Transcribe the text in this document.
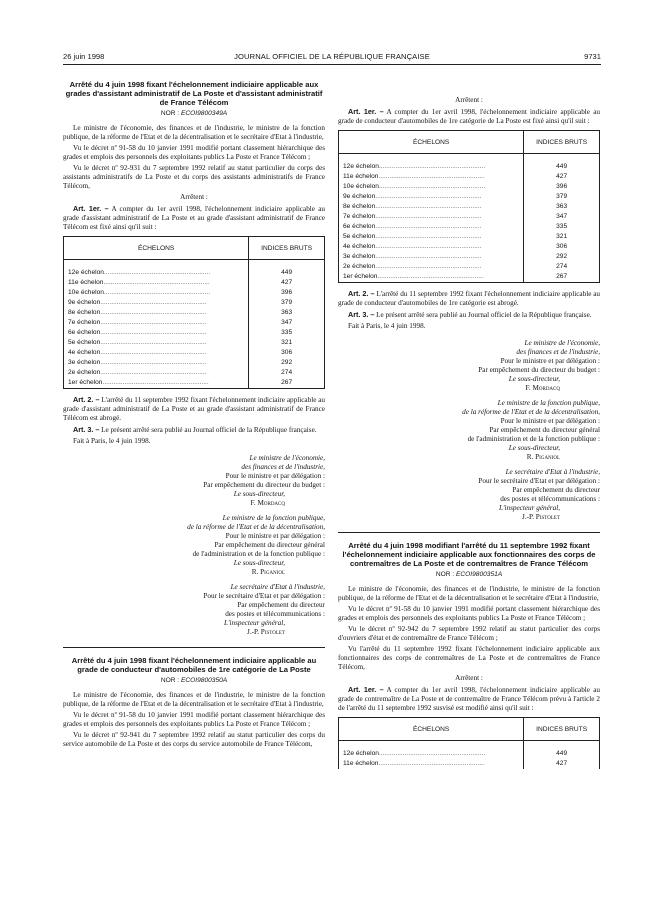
26 juin 1998	JOURNAL OFFICIEL DE LA RÉPUBLIQUE FRANÇAISE	9731
Arrêté du 4 juin 1998 fixant l'échelonnement indiciaire applicable aux grades d'assistant administratif de La Poste et d'assistant administratif de France Télécom
NOR : ECOI9800349A

Le ministre de l'économie, des finances et de l'industrie, le ministre de la fonction publique, de la réforme de l'Etat et de la décentralisation et le secrétaire d'Etat à l'industrie,

Vu le décret nº 91-58 du 10 janvier 1991 modifié portant classement hiérarchique des grades et emplois des personnels des exploitants publics La Poste et France Télécom ;

Vu le décret nº 92-931 du 7 septembre 1992 relatif au statut particulier du corps des assistants administratifs de La Poste et du corps des assistants administratifs de France Télécom,

Arrêtent :

Art. 1er. – A compter du 1er avril 1998, l'échelonnement indiciaire applicable au grade d'assistant administratif de La Poste et au grade d'assistant administratif de France Télécom est fixé ainsi qu'il suit :

ÉCHELONS	INDICES BRUTS

12e échelon..........................................................	449
11e échelon..........................................................	427
10e échelon..........................................................	396
9e échelon..........................................................	379
8e échelon..........................................................	363
7e échelon..........................................................	347
6e échelon..........................................................	335
5e échelon..........................................................	321
4e échelon..........................................................	306
3e échelon..........................................................	292
2e échelon..........................................................	274
1er échelon..........................................................	267

Art. 2. – L'arrêté du 11 septembre 1992 fixant l'échelonnement indiciaire applicable au grade d'assistant administratif de La Poste et au grade d'assistant administratif de France Télécom est abrogé.

Art. 3. – Le présent arrêté sera publié au Journal officiel de la République française.

Fait à Paris, le 4 juin 1998.

Le ministre de l'économie,

des finances et de l'industrie,

Pour le ministre et par délégation :

Par empêchement du directeur du budget :

Le sous-directeur,

F. Mordacq

Le ministre de la fonction publique,

de la réforme de l'Etat et de la décentralisation,

Pour le ministre et par délégation :

Par empêchement du directeur général

de l'administration et de la fonction publique :

Le sous-directeur,

R. Piganiol

Le secrétaire d'Etat à l'industrie,

Pour le secrétaire d'Etat et par délégation :

Par empêchement du directeur

des postes et télécommunications :

L'inspecteur général,

J.-P. Pistolet

Arrêté du 4 juin 1998 fixant l'échelonnement indiciaire applicable au grade de conducteur d'automobiles de 1re catégorie de La Poste
NOR : ECOI9800350A

Le ministre de l'économie, des finances et de l'industrie, le ministre de la fonction publique, de la réforme de l'Etat et de la décentralisation et le secrétaire d'Etat à l'industrie,

Vu le décret nº 91-58 du 10 janvier 1991 modifié portant classement hiérarchique des grades et emplois des personnels des exploitants publics La Poste et France Télécom ;

Vu le décret nº 92-941 du 7 septembre 1992 relatif au statut particulier des corps du service automobile de La Poste et des corps du service automobile de France Télécom,

Arrêtent :

Art. 1er. – A compter du 1er avril 1998, l'échelonnement indiciaire applicable au grade de conducteur d'automobiles de 1re catégorie de La Poste est fixé ainsi qu'il suit :

ÉCHELONS	INDICES BRUTS

12e échelon..........................................................	449
11e échelon..........................................................	427
10e échelon..........................................................	396
9e échelon..........................................................	379
8e échelon..........................................................	363
7e échelon..........................................................	347
6e échelon..........................................................	335
5e échelon..........................................................	321
4e échelon..........................................................	306
3e échelon..........................................................	292
2e échelon..........................................................	274
1er échelon..........................................................	267

Art. 2. – L'arrêté du 11 septembre 1992 fixant l'échelonnement indiciaire applicable au grade de conducteur d'automobiles de 1re catégorie est abrogé.

Art. 3. – Le présent arrêté sera publié au Journal officiel de la République française.

Fait à Paris, le 4 juin 1998.

Le ministre de l'économie,

des finances et de l'industrie,

Pour le ministre et par délégation :

Par empêchement du directeur du budget :

Le sous-directeur,

F. Mordacq

Le ministre de la fonction publique,

de la réforme de l'Etat et de la décentralisation,

Pour le ministre et par délégation :

Par empêchement du directeur général

de l'administration et de la fonction publique :

Le sous-directeur,

R. Piganiol

Le secrétaire d'Etat à l'industrie,

Pour le secrétaire d'Etat et par délégation :

Par empêchement du directeur

des postes et télécommunications :

L'inspecteur général,

J.-P. Pistolet

Arrêté du 4 juin 1998 modifiant l'arrêté du 11 septembre 1992 fixant l'échelonnement indiciaire applicable aux fonctionnaires des corps de contremaîtres de La Poste et de contremaîtres de France Télécom
NOR : ECOI9800351A

Le ministre de l'économie, des finances et de l'industrie, le ministre de la fonction publique, de la réforme de l'Etat et de la décentralisation et le secrétaire d'Etat à l'industrie,

Vu le décret nº 91-58 du 10 janvier 1991 modifié portant classement hiérarchique des grades et emplois des personnels des exploitants publics La Poste et France Télécom ;

Vu le décret nº 92-942 du 7 septembre 1992 relatif au statut particulier des corps d'ouvriers d'état et de contremaître de France Télécom ;

Vu l'arrêté du 11 septembre 1992 fixant l'échelonnement indiciaire applicable aux fonctionnaires des corps de contremaîtres de La Poste et de contremaîtres de France Télécom,

Arrêtent :

Art. 1er. – A compter du 1er avril 1998, l'échelonnement indiciaire applicable au grade de contremaître de La Poste et de contremaître de France Télécom prévu à l'article 2 de l'arrêté du 11 septembre 1992 susvisé est modifié ainsi qu'il suit :

ÉCHELONS	INDICES BRUTS

12e échelon..........................................................	449
11e échelon..........................................................	427
